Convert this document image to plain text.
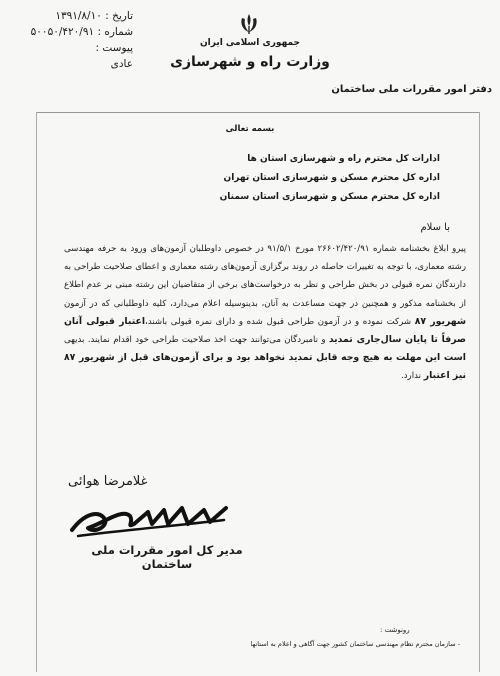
تاریخ : ۱۳۹۱/۸/۱۰
شماره : ۵۰۰۵۰/۴۲۰/۹۱
پیوست :
عادی
جمهوری اسلامی ایران
وزارت راه و شهرسازی
دفتر امور مقررات ملی ساختمان
بسمه تعالی
ادارات کل محترم راه و شهرسازی استان ها
اداره کل محترم مسکن و شهرسازی استان تهران
اداره کل محترم مسکن و شهرسازی استان سمنان
با سلام
پیرو ابلاغ بخشنامه شماره ۲۶۶۰۲/۴۲۰/۹۱ مورخ ۹۱/۵/۱ در خصوص داوطلبان آزمون‌های ورود به حرفه مهندسی رشته معماری، با توجه به تغییرات حاصله در روند برگزاری آزمون‌های رشته معماری و اعطای صلاحیت طراحی به دارندگان نمره قبولی در بخش طراحی و نظر به درخواست‌های برخی از متقاضیان این رشته مبنی بر عدم اطلاع از بخشنامه مذکور و همچنین در جهت مساعدت به آنان، بدینوسیله اعلام می‌دارد، کلیه داوطلبانی که در آزمون شهریور ۸۷ شرکت نموده و در آزمون طراحی قبول شده و دارای نمره قبولی باشند،اعتبار قبولی آنان صرفاً تا پایان سال‌جاری تمدید و نامبردگان می‌توانند جهت اخذ صلاحیت طراحی خود اقدام نمایند. بدیهی است این مهلت به هیچ وجه قابل تمدید نخواهد بود و برای آزمون‌های قبل از شهریور ۸۷ نیز اعتبار ندارد.
غلامرضا هوائی
مدیر کل امور مقررات ملی ساختمان
رونوشت :
- سازمان محترم نظام مهندسی ساختمان کشور جهت آگاهی و اعلام به استانها
